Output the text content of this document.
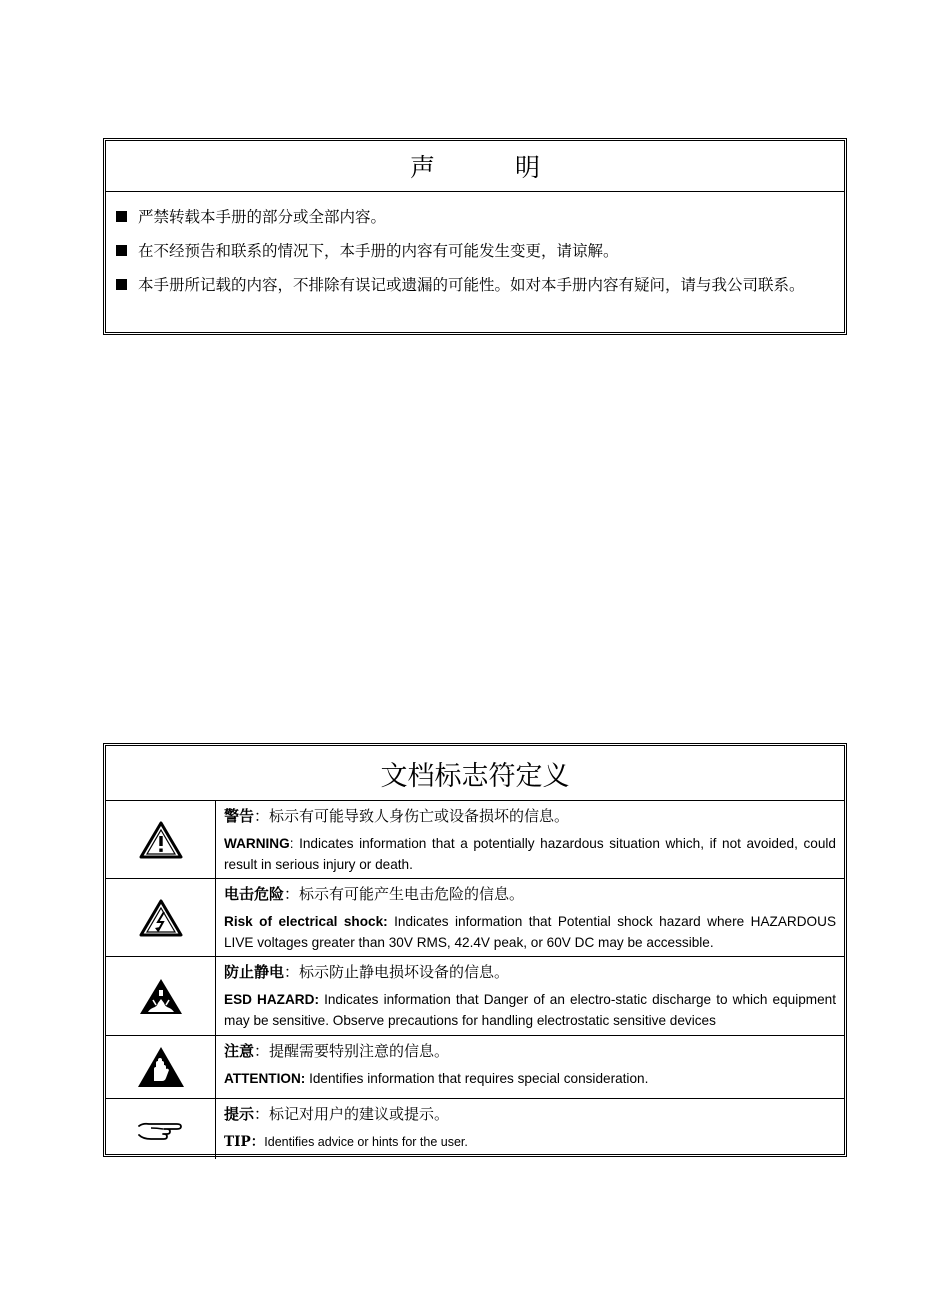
声 明
严禁转载本手册的部分或全部内容。
在不经预告和联系的情况下，本手册的内容有可能发生变更，请谅解。
本手册所记载的内容，不排除有误记或遗漏的可能性。如对本手册内容有疑问，请与我公司联系。
文档标志符定义
警告：标示有可能导致人身伤亡或设备损坏的信息。
WARNING: Indicates information that a potentially hazardous situation which, if not avoided, could result in serious injury or death.
电击危险：标示有可能产生电击危险的信息。
Risk of electrical shock: Indicates information that Potential shock hazard where HAZARDOUS LIVE voltages greater than 30V RMS, 42.4V peak, or 60V DC may be accessible.
防止静电：标示防止静电损坏设备的信息。
ESD HAZARD: Indicates information that Danger of an electro-static discharge to which equipment may be sensitive. Observe precautions for handling electrostatic sensitive devices
注意：提醒需要特别注意的信息。
ATTENTION: Identifies information that requires special consideration.
提示：标记对用户的建议或提示。
TIP：Identifies advice or hints for the user.
